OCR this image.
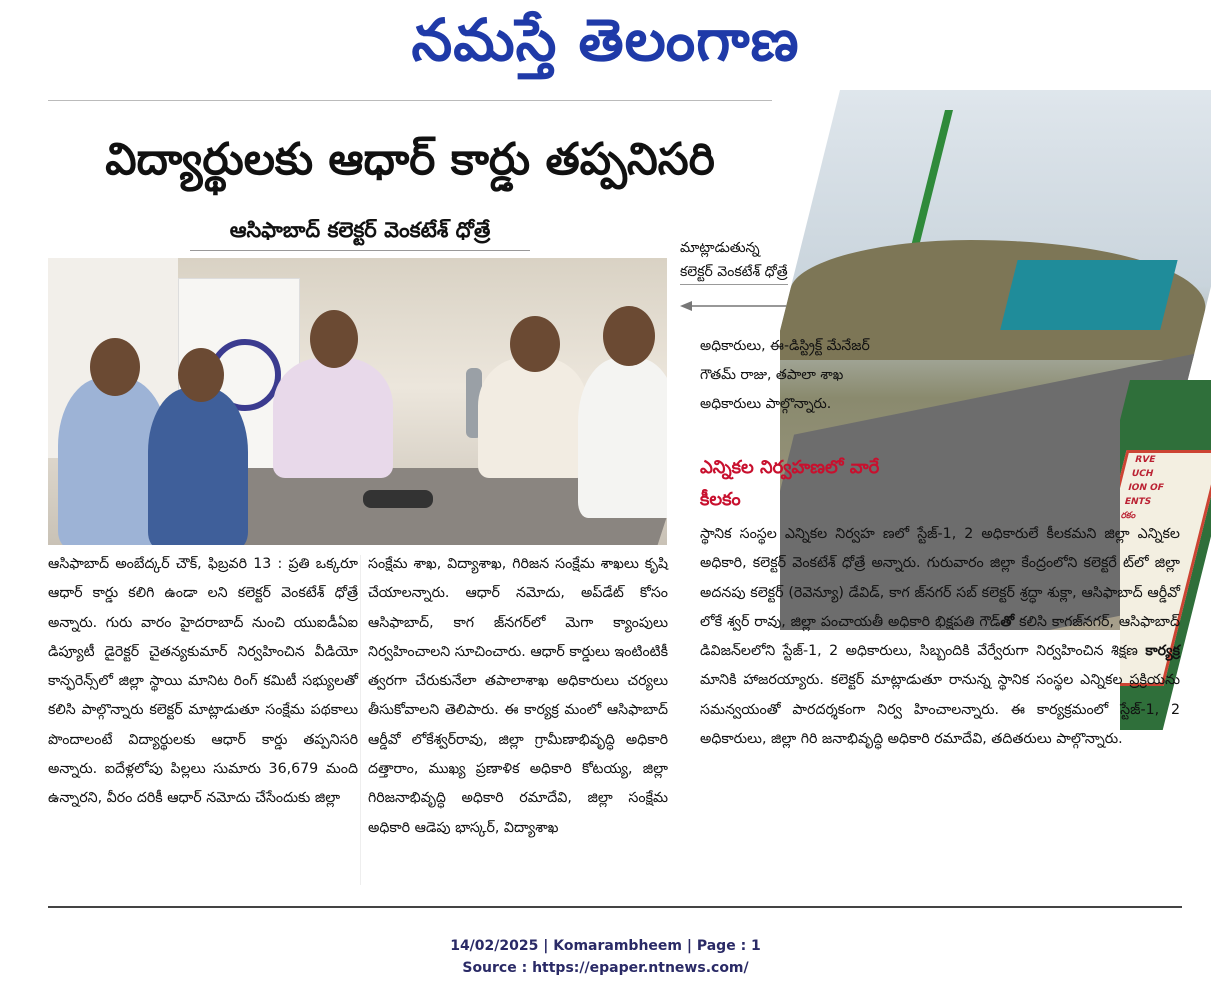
నమస్తే తెలంగాణ
విద్యార్థులకు ఆధార్ కార్డు తప్పనిసరి
ఆసిఫాబాద్ కలెక్టర్ వెంకటేశ్ ధోత్రే
మాట్లాడుతున్న
కలెక్టర్ వెంకటేశ్ ధోత్రే
RVE
UCH
ION OF
ENTS
రకం
ఆసిఫాబాద్ అంబేద్కర్ చౌక్, ఫిబ్రవరి 13 : ప్రతి ఒక్కరూ ఆధార్ కార్డు కలిగి ఉండా లని కలెక్టర్ వెంకటేశ్ ధోత్రే అన్నారు. గురు వారం హైదరాబాద్ నుంచి యుఐడీఏఐ డిప్యూటీ డైరెక్టర్ చైతన్యకుమార్ నిర్వహించిన వీడియో కాన్ఫరెన్స్‌లో జిల్లా స్థాయి మానిట రింగ్ కమిటీ సభ్యులతో కలిసి పాల్గొన్నారు కలెక్టర్ మాట్లాడుతూ సంక్షేమ పథకాలు పొందాలంటే విద్యార్థులకు ఆధార్ కార్డు తప్పనిసరి అన్నారు. ఐదేళ్లలోపు పిల్లలు సుమారు 36,679 మంది ఉన్నారని, వీరం దరికీ ఆధార్ నమోదు చేసేందుకు జిల్లా
సంక్షేమ శాఖ, విద్యాశాఖ, గిరిజన సంక్షేమ శాఖలు కృషి చేయాలన్నారు. ఆధార్ నమోదు, అప్‌డేట్ కోసం ఆసిఫాబాద్, కాగ జ్‌నగర్‌లో మెగా క్యాంపులు నిర్వహించాలని సూచించారు. ఆధార్ కార్డులు ఇంటింటికీ త్వరగా చేరుకునేలా తపాలాశాఖ అధికారులు చర్యలు తీసుకోవాలని తెలిపారు. ఈ కార్యక్ర మంలో ఆసిఫాబాద్ ఆర్డీవో లోకేశ్వర్‌రావు, జిల్లా గ్రామీణాభివృద్ధి అధికారి దత్తారాం, ముఖ్య ప్రణాళిక అధికారి కోటయ్య, జిల్లా గిరిజనాభివృద్ధి అధికారి రమాదేవి, జిల్లా సంక్షేమ అధికారి ఆడెపు భాస్కర్, విద్యాశాఖ
అధికారులు, ఈ-డిస్ట్రిక్ట్ మేనేజర్ గౌతమ్ రాజు, తపాలా శాఖ అధికారులు పాల్గొన్నారు.
ఎన్నికల నిర్వహణలో వారే కీలకం
స్థానిక సంస్థల ఎన్నికల నిర్వహ ణలో స్టేజ్-1, 2 అధికారులే కీలకమని జిల్లా ఎన్నికల అధికారి, కలెక్టర్ వెంకటేశ్ ధోత్రే అన్నారు. గురువారం జిల్లా కేంద్రంలోని కలెక్టరే ట్‌లో జిల్లా అదనపు కలెక్టర్ (రెవెన్యూ) డేవిడ్, కాగ జ్‌నగర్ సబ్ కలెక్టర్ శ్రద్ధా శుక్లా, ఆసిఫాబాద్ ఆర్డీవో లోకే శ్వర్ రావు, జిల్లా పంచాయతీ అధికారి భిక్షపతి గౌడ్తో కలిసి కాగజ్‌నగర్, ఆసిఫాబాద్ డివిజన్‌లలోని స్టేజ్-1, 2 అధికారులు, సిబ్బందికి వేర్వేరుగా నిర్వహించిన శిక్షణ కార్యక్ర మానికి హాజరయ్యారు. కలెక్టర్ మాట్లాడుతూ రానున్న స్థానిక సంస్థల ఎన్నికల ప్రక్రియను సమన్వయంతో పారదర్శకంగా నిర్వ హించాలన్నారు. ఈ కార్యక్రమంలో స్టేజ్-1, 2 అధికారులు, జిల్లా గిరి జనాభివృద్ధి అధికారి రమాదేవి, తదితరులు పాల్గొన్నారు.
14/02/2025 | Komarambheem | Page : 1
Source : https://epaper.ntnews.com/
